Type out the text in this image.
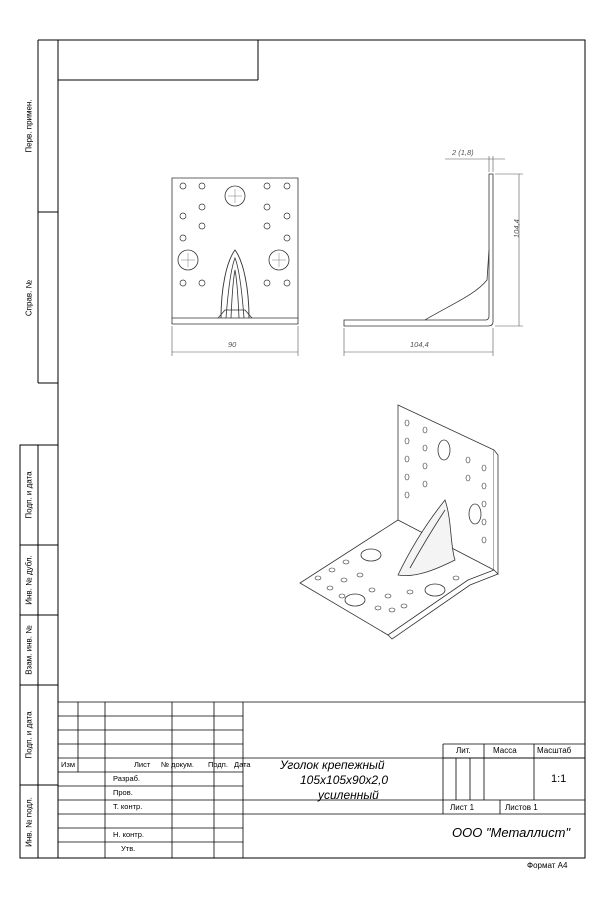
Перв. примен.
Справ. №
Подп. и дата
Инв. № дубл.
Взам. инв. №
Подп. и дата
Инв. № подл.
90	104,4
104,4
2 (1,8)
Изм	Лист № докум. Подп. Дата
Разраб.
Пров.
Т. контр.
Н. контр.
Утв.
Уголок крепежный
105х105х90х2,0
усиленный
Лит.	Масса	Масштаб
1:1
Лист 1	Листов 1
ООО "Металлист"
Формат А4
